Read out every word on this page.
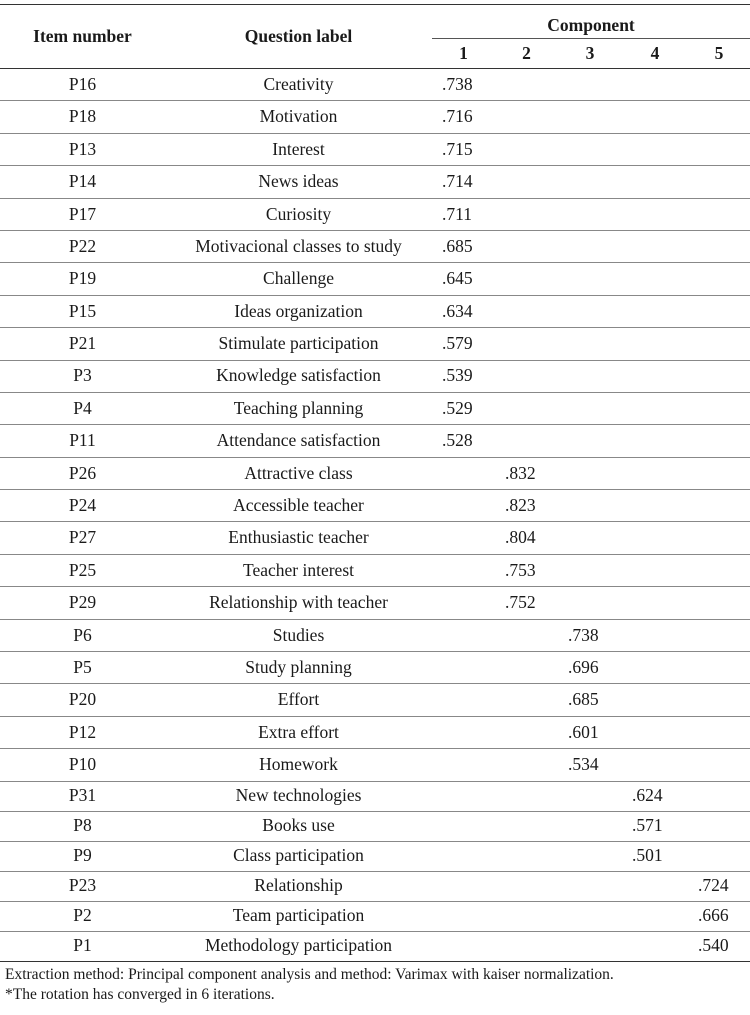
Item number	Question label	Component				
		1	2	3	4	5
P16	Creativity	.738				
P18	Motivation	.716				
P13	Interest	.715				
P14	News ideas	.714				
P17	Curiosity	.711				
P22	Motivacional classes to study	.685				
P19	Challenge	.645				
P15	Ideas organization	.634				
P21	Stimulate participation	.579				
P3	Knowledge satisfaction	.539				
P4	Teaching planning	.529				
P11	Attendance satisfaction	.528				
P26	Attractive class		.832			
P24	Accessible teacher		.823			
P27	Enthusiastic teacher		.804			
P25	Teacher interest		.753			
P29	Relationship with teacher		.752			
P6	Studies			.738		
P5	Study planning			.696		
P20	Effort			.685		
P12	Extra effort			.601		
P10	Homework			.534		
P31	New technologies				.624	
P8	Books use				.571	
P9	Class participation				.501	
P23	Relationship					.724
P2	Team participation					.666
P1	Methodology participation					.540
Extraction method: Principal component analysis and method: Varimax with kaiser normalization.
*The rotation has converged in 6 iterations.
